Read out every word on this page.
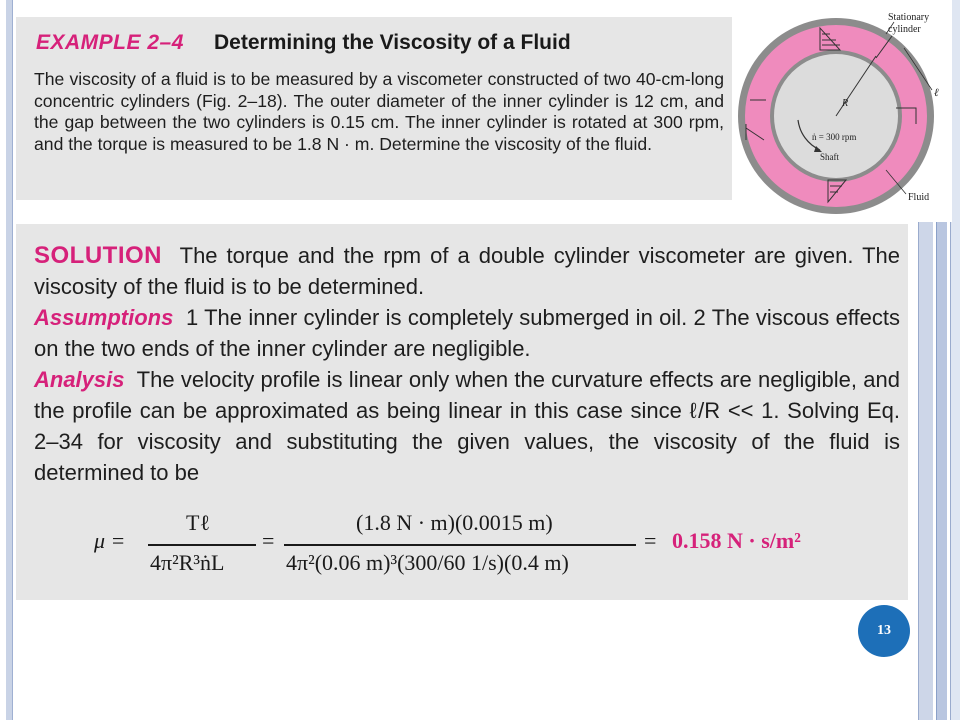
EXAMPLE 2–4 Determining the Viscosity of a Fluid
The viscosity of a fluid is to be measured by a viscometer constructed of two 40-cm-long concentric cylinders (Fig. 2–18). The outer diameter of the inner cylinder is 12 cm, and the gap between the two cylinders is 0.15 cm. The inner cylinder is rotated at 300 rpm, and the torque is measured to be 1.8 N · m. Determine the viscosity of the fluid.
Stationary
cylinder
ℓ
R
ṅ = 300 rpm
Shaft
Fluid
SOLUTION The torque and the rpm of a double cylinder viscometer are given. The viscosity of the fluid is to be determined.
Assumptions 1 The inner cylinder is completely submerged in oil. 2 The viscous effects on the two ends of the inner cylinder are negligible.
Analysis The velocity profile is linear only when the curvature effects are negligible, and the profile can be approximated as being linear in this case since ℓ/R << 1. Solving Eq. 2–34 for viscosity and substituting the given values, the viscosity of the fluid is determined to be
μ =
Tℓ
4π²R³ṅL
=
(1.8 N · m)(0.0015 m)
4π²(0.06 m)³(300/60 1/s)(0.4 m)
= 0.158 N · s/m²
13
